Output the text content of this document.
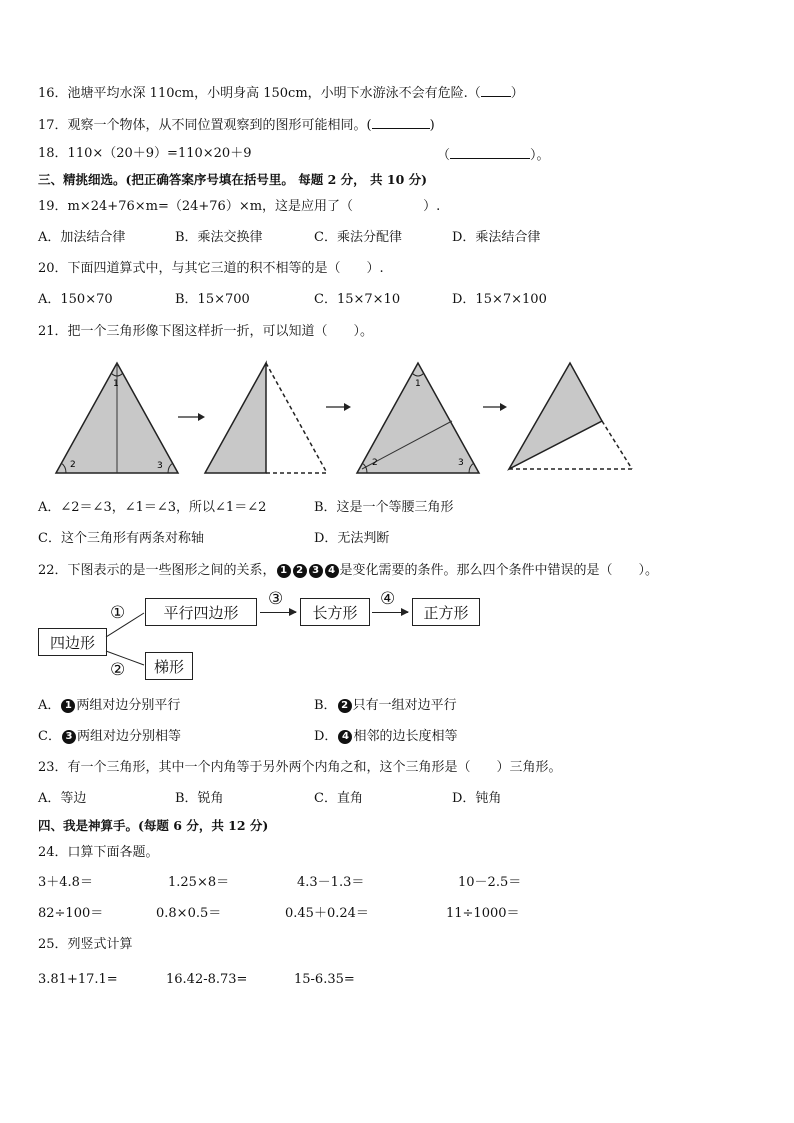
16．池塘平均水深 110cm，小明身高 150cm，小明下水游泳不会有危险.（ ）
17．观察一个物体，从不同位置观察到的图形可能相同。(	)
18．110×（20＋9）=110×20＋9	（	）。
三、精挑细选。(把正确答案序号填在括号里。 每题 2 分， 共 10 分)
19．m×24+76×m=（24+76）×m，这是应用了（	）.
A．加法结合律	B．乘法交换律	C．乘法分配律	D．乘法结合律
20．下面四道算式中，与其它三道的积不相等的是（　　）.
A．150×70	B．15×700	C．15×7×10	D．15×7×100
21．把一个三角形像下图这样折一折，可以知道（　　）。
1
2	3
1
2	3
A．∠2＝∠3，∠1＝∠3，所以∠1＝∠2	B．这是一个等腰三角形
C．这个三角形有两条对称轴	D．无法判断
22．下图表示的是一些图形之间的关系， 1 2 3 4 是变化需要的条件。那么四个条件中错误的是（　　）。
四边形
平行四边形	长方形	正方形
梯形
①
②
③	④
A． 1 两组对边分别平行	B． 2 只有一组对边平行
C． 3 两组对边分别相等	D． 4 相邻的边长度相等
23．有一个三角形，其中一个内角等于另外两个内角之和，这个三角形是（　　）三角形。
A．等边	B．锐角	C．直角	D．钝角
四、我是神算手。(每题 6 分，共 12 分)
24．口算下面各题。
3＋4.8＝	1.25×8＝	4.3－1.3＝	10－2.5＝
82÷100＝	0.8×0.5＝	0.45＋0.24＝	11÷1000＝
25．列竖式计算
3.81+17.1=	16.42-8.73=	15-6.35=
